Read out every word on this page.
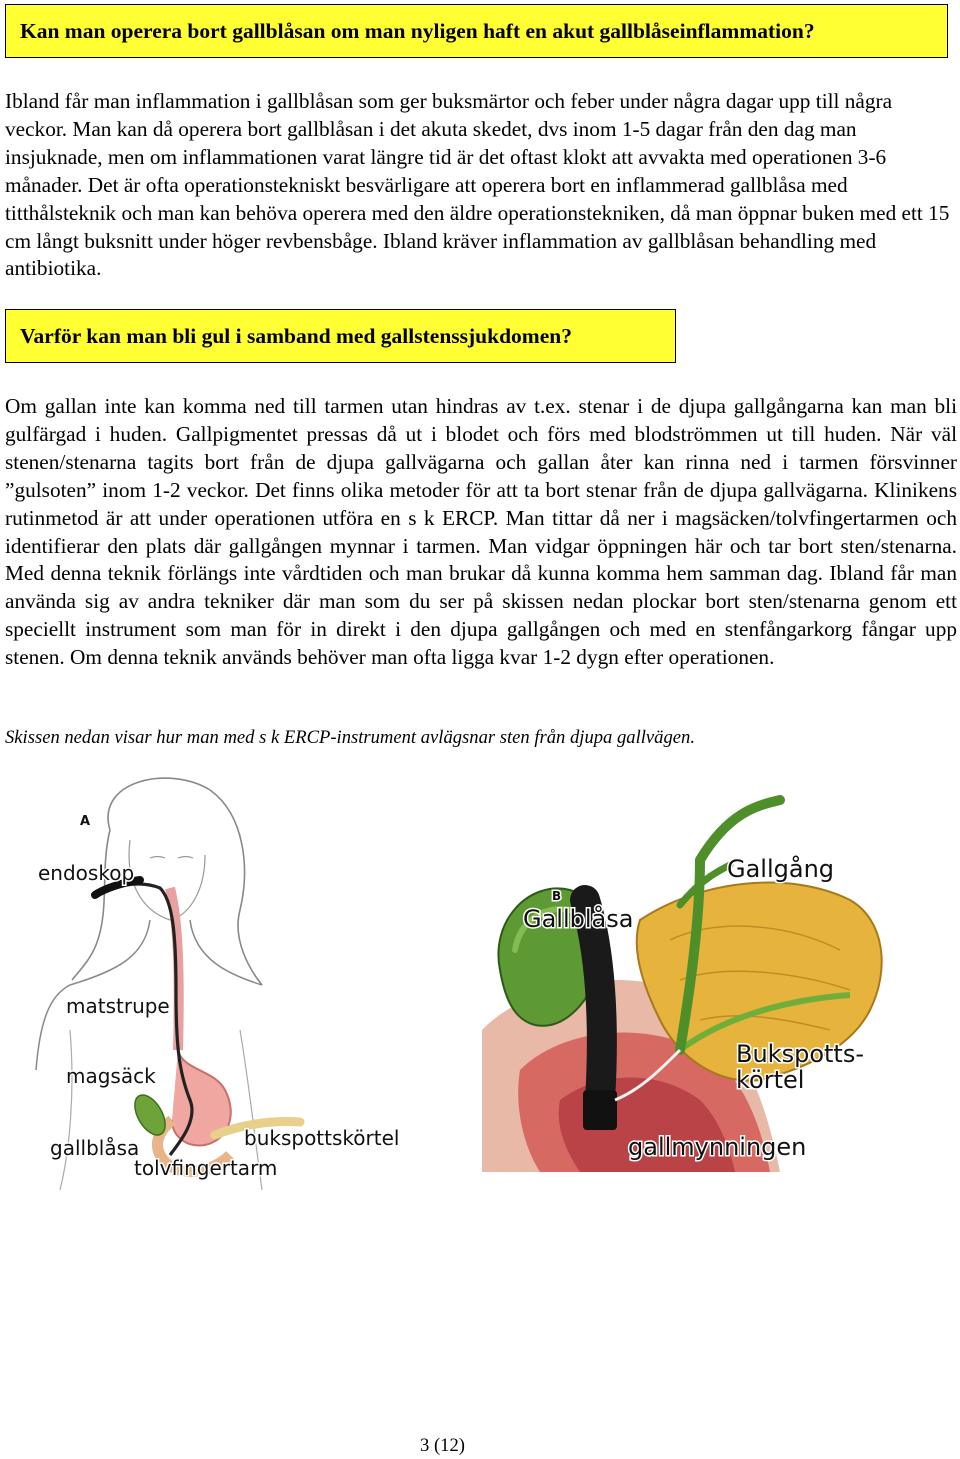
Kan man operera bort gallblåsan om man nyligen haft en akut gallblåseinflammation?

Ibland får man inflammation i gallblåsan som ger buksmärtor och feber under några dagar upp till några veckor. Man kan då operera bort gallblåsan i det akuta skedet, dvs inom 1-5 dagar från den dag man insjuknade, men om inflammationen varat längre tid är det oftast klokt att avvakta med operationen 3-6 månader. Det är ofta operationstekniskt besvärligare att operera bort en inflammerad gallblåsa med titthålsteknik och man kan behöva operera med den äldre operationstekniken, då man öppnar buken med ett 15 cm långt buksnitt under höger revbensbåge. Ibland kräver inflammation av gallblåsan behandling med antibiotika.

Varför kan man bli gul i samband med gallstenssjukdomen?

Om gallan inte kan komma ned till tarmen utan hindras av t.ex. stenar i de djupa gallgångarna kan man bli gulfärgad i huden. Gallpigmentet pressas då ut i blodet och förs med blodströmmen ut till huden. När väl stenen/stenarna tagits bort från de djupa gallvägarna och gallan åter kan rinna ned i tarmen försvinner ”gulsoten” inom 1-2 veckor. Det finns olika metoder för att ta bort stenar från de djupa gallvägarna. Klinikens rutinmetod är att under operationen utföra en s k ERCP. Man tittar då ner i magsäcken/tolvfingertarmen och identifierar den plats där gallgången mynnar i tarmen. Man vidgar öppningen här och tar bort sten/stenarna. Med denna teknik förlängs inte vårdtiden och man brukar då kunna komma hem samman dag. Ibland får man använda sig av andra tekniker där man som du ser på skissen nedan plockar bort sten/stenarna genom ett speciellt instrument som man för in direkt i den djupa gallgången och med en stenfångarkorg fångar upp stenen. Om denna teknik används behöver man ofta ligga kvar 1-2 dygn efter operationen.

Skissen nedan visar hur man med s k ERCP-instrument avlägsnar sten från djupa gallvägen.
A
endoskop
matstrupe
magsäck
gallblåsa	bukspottskörtel
tolvfingertarm
B
Gallgång
Gallblåsa
Bukspotts-
körtel
gallmynningen
3 (12)
